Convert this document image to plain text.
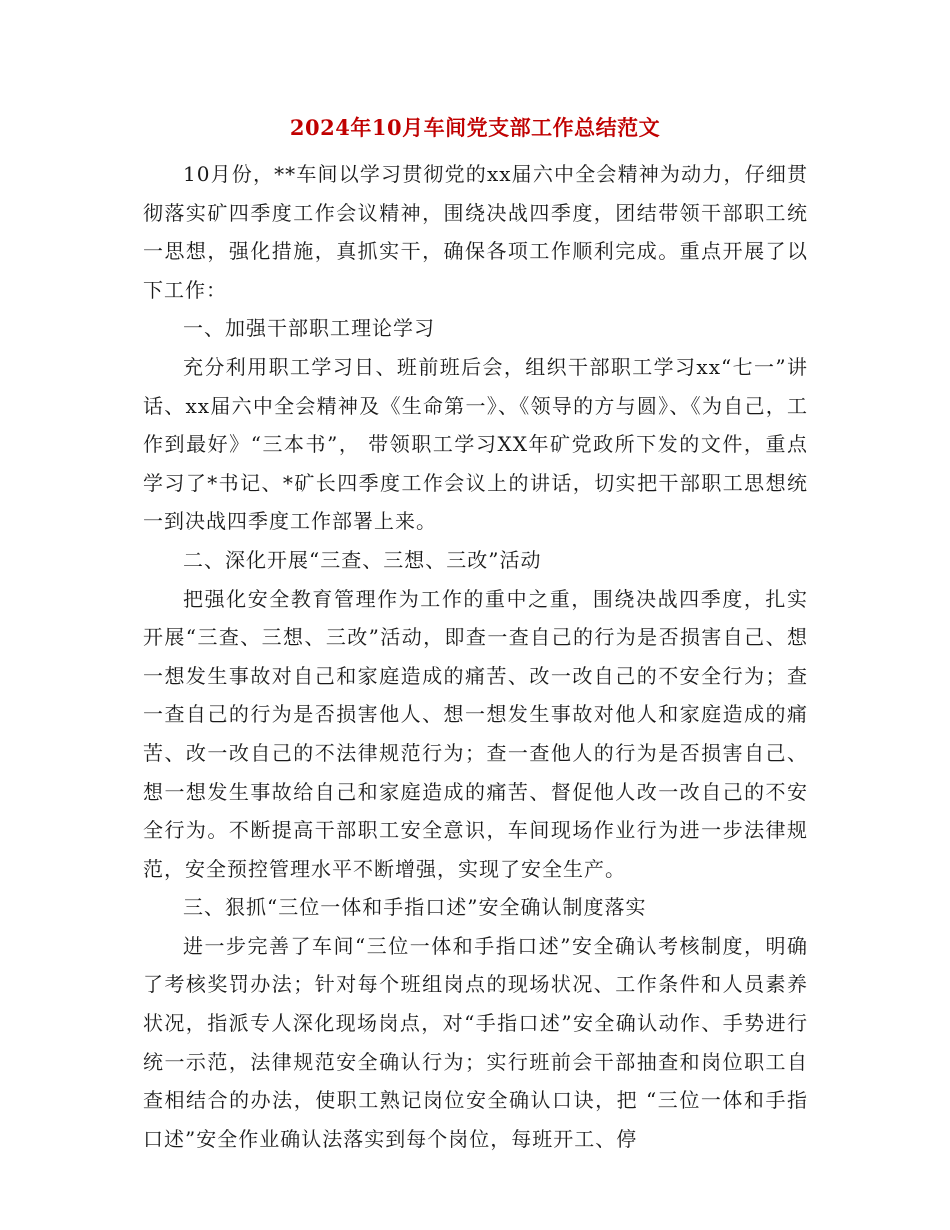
2024年10月车间党支部工作总结范文

10月份，**车间以学习贯彻党的xx届六中全会精神为动力，仔细贯彻落实矿四季度工作会议精神，围绕决战四季度，团结带领干部职工统一思想，强化措施，真抓实干，确保各项工作顺利完成。重点开展了以下工作：

一、加强干部职工理论学习

充分利用职工学习日、班前班后会，组织干部职工学习xx“七一”讲话、xx届六中全会精神及《生命第一》、《领导的方与圆》、《为自己，工作到最好》“三本书”， 带领职工学习XX年矿党政所下发的文件，重点学习了*书记、*矿长四季度工作会议上的讲话，切实把干部职工思想统一到决战四季度工作部署上来。

二、深化开展“三查、三想、三改”活动

把强化安全教育管理作为工作的重中之重，围绕决战四季度，扎实开展“三查、三想、三改”活动，即查一查自己的行为是否损害自己、想一想发生事故对自己和家庭造成的痛苦、改一改自己的不安全行为；查一查自己的行为是否损害他人、想一想发生事故对他人和家庭造成的痛苦、改一改自己的不法律规范行为；查一查他人的行为是否损害自己、想一想发生事故给自己和家庭造成的痛苦、督促他人改一改自己的不安全行为。不断提高干部职工安全意识，车间现场作业行为进一步法律规范，安全预控管理水平不断增强，实现了安全生产。

三、狠抓“三位一体和手指口述”安全确认制度落实

进一步完善了车间“三位一体和手指口述”安全确认考核制度，明确了考核奖罚办法；针对每个班组岗点的现场状况、工作条件和人员素养状况，指派专人深化现场岗点，对“手指口述”安全确认动作、手势进行统一示范，法律规范安全确认行为；实行班前会干部抽查和岗位职工自查相结合的办法，使职工熟记岗位安全确认口诀，把 “三位一体和手指口述”安全作业确认法落实到每个岗位，每班开工、停
